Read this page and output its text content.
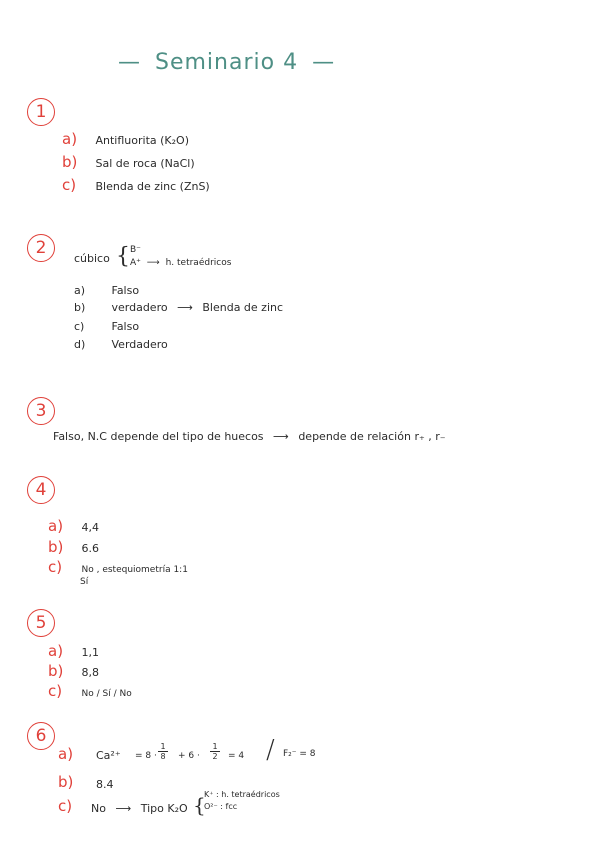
— Seminario 4 —
1
a) Antifluorita (K₂O)
b) Sal de roca (NaCl)
c) Blenda de zinc (ZnS)
2
cúbico { B⁻
A⁺ ⟶ h. tetraédricos
a) Falso
b) verdadero ⟶ Blenda de zinc
c) Falso
d) Verdadero
3
Falso, N.C depende del tipo de huecos ⟶ depende de relación r₊ , r₋
4
a) 4,4
b) 6.6
c) No , estequiometría 1:1
Sí
5
a) 1,1
b) 8,8
c) No / Sí / No
6
a)	Ca²⁺ = 8 ·
1
8 + 6 ·
1
2 = 4 / F₂⁻ = 8
b)	8.4
c)	No ⟶ Tipo K₂O {
K⁺ : h. tetraédricos
O²⁻ : fcc
